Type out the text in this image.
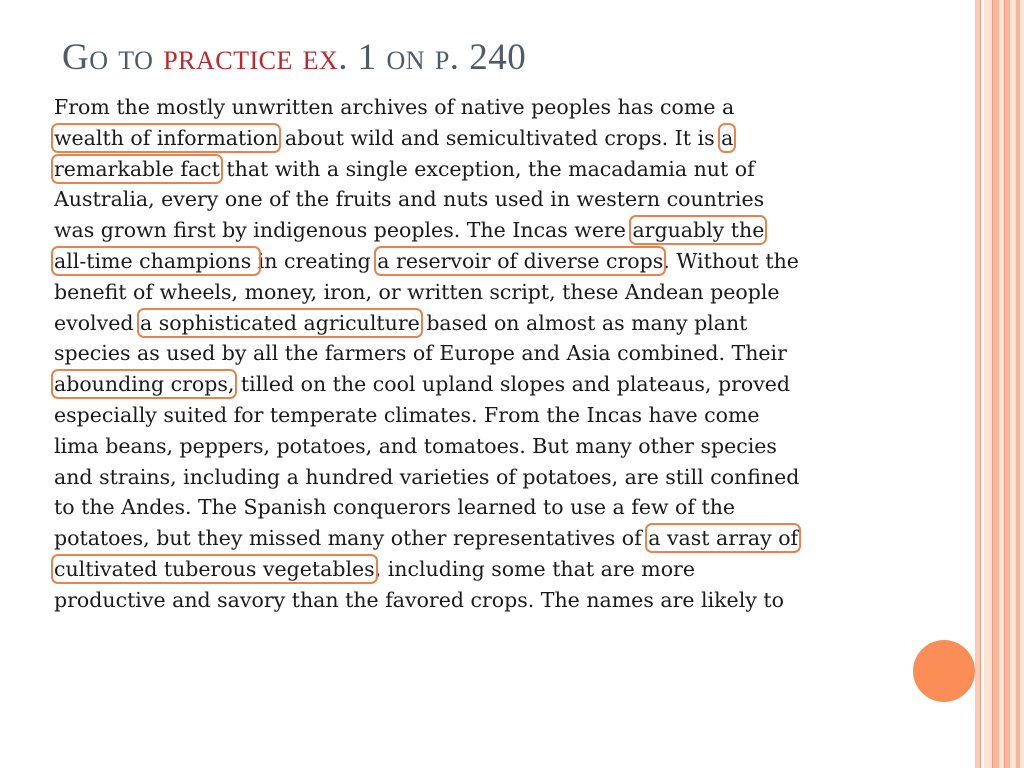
Go to practice ex. 1 on p. 240
From the mostly unwritten archives of native peoples has come a
wealth of information about wild and semicultivated crops. It is a
remarkable fact that with a single exception, the macadamia nut of
Australia, every one of the fruits and nuts used in western countries
was grown first by indigenous peoples. The Incas were arguably the
all-time champions in creating a reservoir of diverse crops. Without the
benefit of wheels, money, iron, or written script, these Andean people
evolved a sophisticated agriculture based on almost as many plant
species as used by all the farmers of Europe and Asia combined. Their
abounding crops, tilled on the cool upland slopes and plateaus, proved
especially suited for temperate climates. From the Incas have come
lima beans, peppers, potatoes, and tomatoes. But many other species
and strains, including a hundred varieties of potatoes, are still confined
to the Andes. The Spanish conquerors learned to use a few of the
potatoes, but they missed many other representatives of a vast array of
cultivated tuberous vegetables, including some that are more
productive and savory than the favored crops. The names are likely to
